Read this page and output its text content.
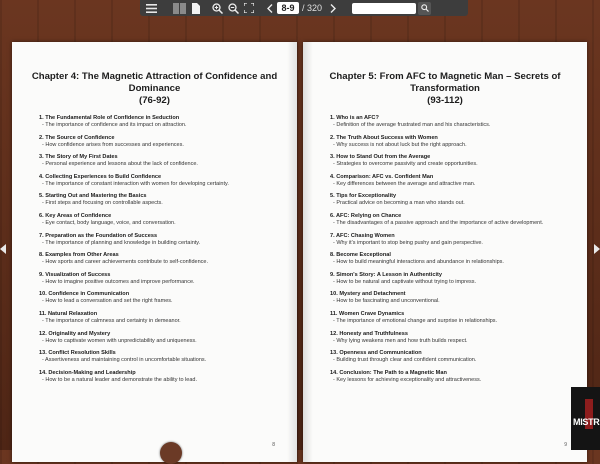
8-9 / 320
Chapter 4: The Magnetic Attraction of Confidence and Dominance
(76-92)
1. The Fundamental Role of Confidence in Seduction
- The importance of confidence and its impact on attraction.
2. The Source of Confidence
- How confidence arises from successes and experiences.
3. The Story of My First Dates
- Personal experience and lessons about the lack of confidence.
4. Collecting Experiences to Build Confidence
- The importance of constant interaction with women for developing certainty.
5. Starting Out and Mastering the Basics
- First steps and focusing on controllable aspects.
6. Key Areas of Confidence
- Eye contact, body language, voice, and conversation.
7. Preparation as the Foundation of Success
- The importance of planning and knowledge in building certainty.
8. Examples from Other Areas
- How sports and career achievements contribute to self-confidence.
9. Visualization of Success
- How to imagine positive outcomes and improve performance.
10. Confidence in Communication
- How to lead a conversation and set the right frames.
11. Natural Relaxation
- The importance of calmness and certainty in demeanor.
12. Originality and Mystery
- How to captivate women with unpredictability and uniqueness.
13. Conflict Resolution Skills
- Assertiveness and maintaining control in uncomfortable situations.
14. Decision-Making and Leadership
- How to be a natural leader and demonstrate the ability to lead.
8
Chapter 5: From AFC to Magnetic Man – Secrets of Transformation
(93-112)
1. Who is an AFC?
- Definition of the average frustrated man and his characteristics.
2. The Truth About Success with Women
- Why success is not about luck but the right approach.
3. How to Stand Out from the Average
- Strategies to overcome passivity and create opportunities.
4. Comparison: AFC vs. Confident Man
- Key differences between the average and attractive man.
5. Tips for Exceptionality
- Practical advice on becoming a man who stands out.
6. AFC: Relying on Chance
- The disadvantages of a passive approach and the importance of active development.
7. AFC: Chasing Women
- Why it's important to stop being pushy and gain perspective.
8. Become Exceptional
- How to build meaningful interactions and abundance in relationships.
9. Simon's Story: A Lesson in Authenticity
- How to be natural and captivate without trying to impress.
10. Mystery and Detachment
- How to be fascinating and unconventional.
11. Women Crave Dynamics
- The importance of emotional change and surprise in relationships.
12. Honesty and Truthfulness
- Why lying weakens men and how truth builds respect.
13. Openness and Communication
- Building trust through clear and confident communication.
14. Conclusion: The Path to a Magnetic Man
- Key lessons for achieving exceptionality and attractiveness.
9
MISTR
